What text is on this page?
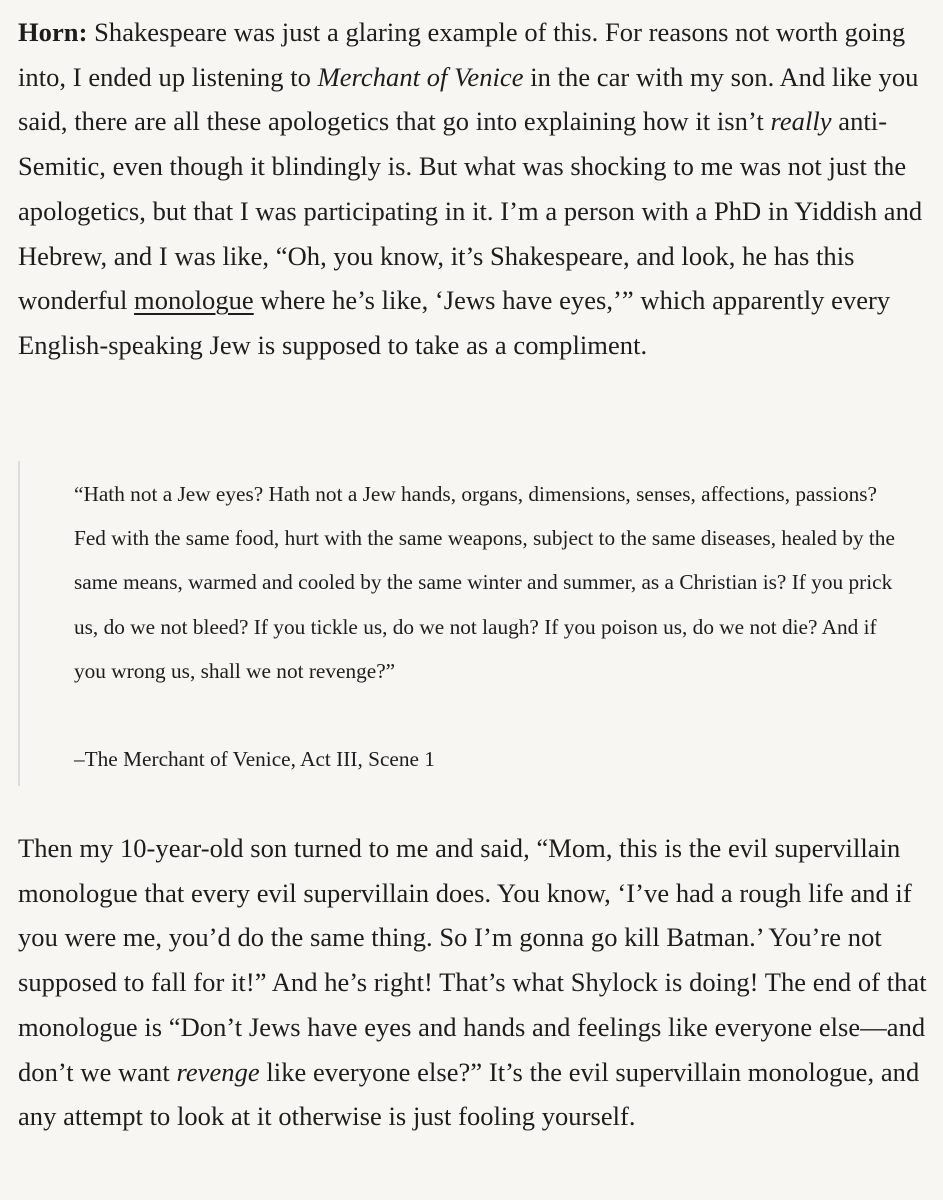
Horn: Shakespeare was just a glaring example of this. For reasons not worth going into, I ended up listening to Merchant of Venice in the car with my son. And like you said, there are all these apologetics that go into explaining how it isn’t really anti-Semitic, even though it blindingly is. But what was shocking to me was not just the apologetics, but that I was participating in it. I’m a person with a PhD in Yiddish and Hebrew, and I was like, “Oh, you know, it’s Shakespeare, and look, he has this wonderful monologue where he’s like, ‘Jews have eyes,’” which apparently every English-speaking Jew is supposed to take as a compliment.

“Hath not a Jew eyes? Hath not a Jew hands, organs, dimensions, senses, affections, passions? Fed with the same food, hurt with the same weapons, subject to the same diseases, healed by the same means, warmed and cooled by the same winter and summer, as a Christian is? If you prick us, do we not bleed? If you tickle us, do we not laugh? If you poison us, do we not die? And if you wrong us, shall we not revenge?”

–The Merchant of Venice, Act III, Scene 1

Then my 10-year-old son turned to me and said, “Mom, this is the evil supervillain monologue that every evil supervillain does. You know, ‘I’ve had a rough life and if you were me, you’d do the same thing. So I’m gonna go kill Batman.’ You’re not supposed to fall for it!” And he’s right! That’s what Shylock is doing! The end of that monologue is “Don’t Jews have eyes and hands and feelings like everyone else—and don’t we want revenge like everyone else?” It’s the evil supervillain monologue, and any attempt to look at it otherwise is just fooling yourself.
